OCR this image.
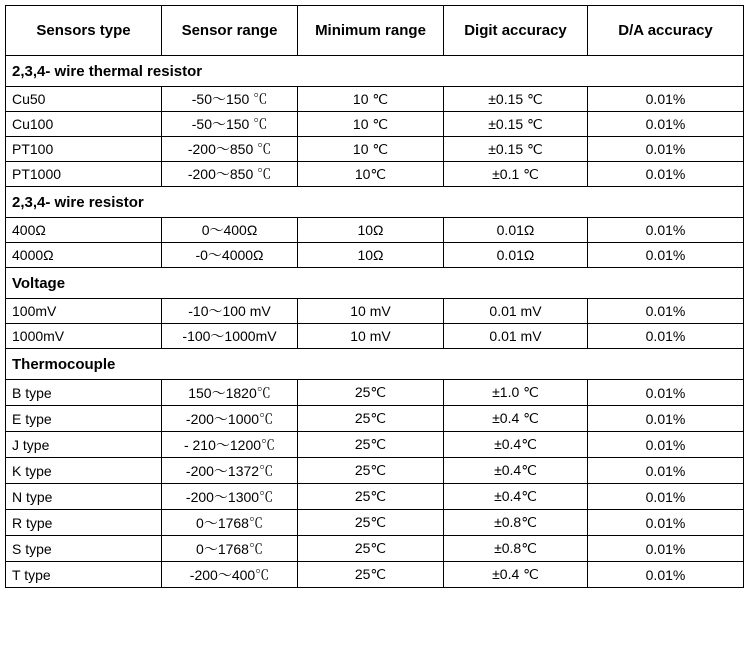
Sensors type	Sensor range	Minimum range	Digit accuracy	D/A accuracy
2,3,4- wire thermal resistor				
Cu50	-50～150 ℃	10 ℃	±0.15 ℃	0.01%
Cu100	-50～150 ℃	10 ℃	±0.15 ℃	0.01%
PT100	-200～850 ℃	10 ℃	±0.15 ℃	0.01%
PT1000	-200～850 ℃	10℃	±0.1 ℃	0.01%
2,3,4- wire resistor				
400Ω	0～400Ω	10Ω	0.01Ω	0.01%
4000Ω	-0～4000Ω	10Ω	0.01Ω	0.01%
Voltage				
100mV	-10～100 mV	10 mV	0.01 mV	0.01%
1000mV	-100～1000mV	10 mV	0.01 mV	0.01%
Thermocouple				
B type	150～1820℃	25℃	±1.0 ℃	0.01%
E type	-200～1000℃	25℃	±0.4 ℃	0.01%
J type	- 210～1200℃	25℃	±0.4℃	0.01%
K type	-200～1372℃	25℃	±0.4℃	0.01%
N type	-200～1300℃	25℃	±0.4℃	0.01%
R type	0～1768℃	25℃	±0.8℃	0.01%
S type	0～1768℃	25℃	±0.8℃	0.01%
T type	-200～400℃	25℃	±0.4 ℃	0.01%
